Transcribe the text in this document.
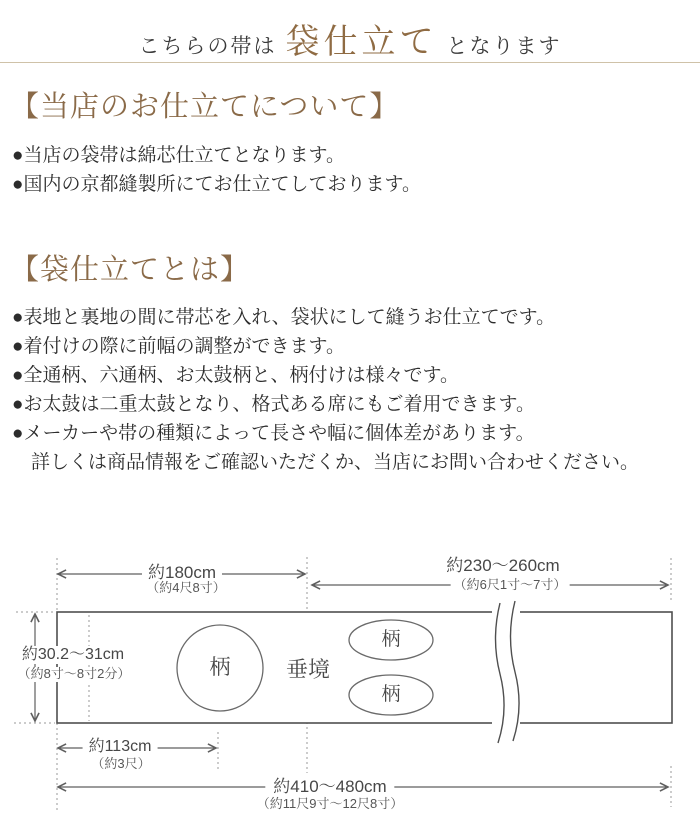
こちらの帯は 袋仕立て となります
【当店のお仕立てについて】
●当店の袋帯は綿芯仕立てとなります。
●国内の京都縫製所にてお仕立てしております。
【袋仕立てとは】
●表地と裏地の間に帯芯を入れ、袋状にして縫うお仕立てです。
●着付けの際に前幅の調整ができます。
●全通柄、六通柄、お太鼓柄と、柄付けは様々です。
●お太鼓は二重太鼓となり、格式ある席にもご着用できます。
●メーカーや帯の種類によって長さや幅に個体差があります。
　詳しくは商品情報をご確認いただくか、当店にお問い合わせください。
約180cm
（約4尺8寸）
約230〜260cm
（約6尺1寸〜7寸）
約30.2〜31cm
（約8寸〜8寸2分）	柄	垂境
柄
柄
約113cm
（約3尺）
約410〜480cm
（約11尺9寸〜12尺8寸）
